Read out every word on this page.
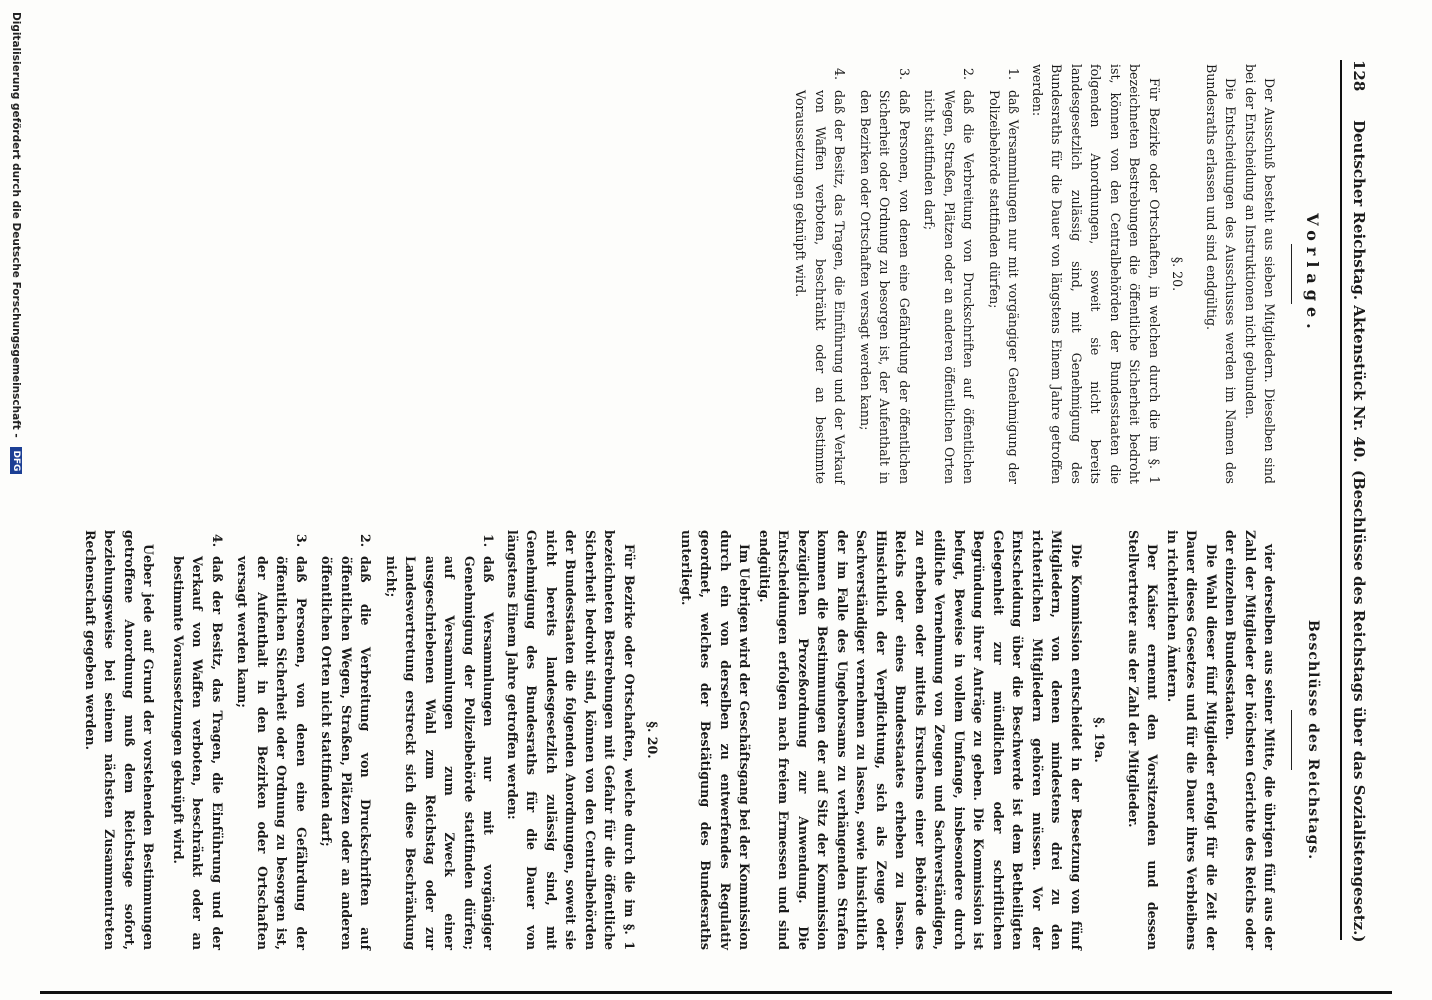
128
Deutscher Reichstag. Aktenstück Nr. 40.
(Beschlüsse des Reichstags über das Sozialistengesetz.)
Vorlage.

Der Ausschuß besteht aus sieben Mitgliedern. Dieselben sind bei der Entscheidung an Instruktionen nicht gebunden.

Die Entscheidungen des Ausschusses werden im Namen des Bundesraths erlassen und sind endgültig.

§. 20.

Für Bezirke oder Ortschaften, in welchen durch die im §. 1 bezeichneten Bestrebungen die öffentliche Sicherheit bedroht ist, können von den Centralbehörden der Bundesstaaten die folgenden Anordnungen, soweit sie nicht bereits landesgesetzlich zulässig sind, mit Genehmigung des Bundesraths für die Dauer von längstens Einem Jahre getroffen werden:

1.
daß Versammlungen nur mit vorgängiger Genehmigung der Polizeibehörde stattfinden dürfen;
2.
daß die Verbreitung von Druckschriften auf öffentlichen Wegen, Straßen, Plätzen oder an anderen öffentlichen Orten nicht stattfinden darf;
3.
daß Personen, von denen eine Gefährdung der öffentlichen Sicherheit oder Ordnung zu besorgen ist, der Aufenthalt in den Bezirken oder Ortschaften versagt werden kann;
4.
daß der Besitz, das Tragen, die Einführung und der Verkauf von Waffen verboten, beschränkt oder an bestimmte Voraussetzungen geknüpft wird.
Beschlüsse des Reichstags.

vier derselben aus seiner Mitte, die übrigen fünf aus der Zahl der Mitglieder der höchsten Gerichte des Reichs oder der einzelnen Bundesstaaten.

Die Wahl dieser fünf Mitglieder erfolgt für die Zeit der Dauer dieses Gesetzes und für die Dauer ihres Verbleibens in richterlichen Ämtern.

Der Kaiser ernennt den Vorsitzenden und dessen Stellvertreter aus der Zahl der Mitglieder.

§. 19a.

Die Kommission entscheidet in der Besetzung von fünf Mitgliedern, von denen mindestens drei zu den richterlichen Mitgliedern gehören müssen. Vor der Entscheidung über die Beschwerde ist dem Betheiligten Gelegenheit zur mündlichen oder schriftlichen Begründung ihrer Anträge zu geben. Die Kommission ist befugt, Beweise in vollem Umfange, insbesondere durch eidliche Vernehmung von Zeugen und Sachverständigen, zu erheben oder mittels Ersuchens einer Behörde des Reichs oder eines Bundesstaates erheben zu lassen. Hinsichtlich der Verpflichtung, sich als Zeuge oder Sachverständiger vernehmen zu lassen, sowie hinsichtlich der im Falle des Ungehorsams zu verhängenden Strafen kommen die Bestimmungen der auf Sitz der Kommission bezüglichen Prozeßordnung zur Anwendung. Die Entscheidungen erfolgen nach freiem Ermessen und sind endgültig.

Im Uebrigen wird der Geschäftsgang bei der Kommission durch ein von derselben zu entwerfendes Regulativ geordnet, welches der Bestätigung des Bundesraths unterliegt.

§. 20.

Für Bezirke oder Ortschaften, welche durch die im §. 1 bezeichneten Bestrebungen mit Gefahr für die öffentliche Sicherheit bedroht sind, können von den Centralbehörden der Bundesstaaten die folgenden Anordnungen, soweit sie nicht bereits landesgesetzlich zulässig sind, mit Genehmigung des Bundesraths für die Dauer von längstens Einem Jahre getroffen werden:

1.
daß Versammlungen nur mit vorgängiger Genehmigung der Polizeibehörde stattfinden dürfen; auf Versammlungen zum Zweck einer ausgeschriebenen Wahl zum Reichstag oder zur Landesvertretung erstreckt sich diese Beschränkung nicht;
2.
daß die Verbreitung von Druckschriften auf öffentlichen Wegen, Straßen, Plätzen oder an anderen öffentlichen Orten nicht stattfinden darf;
3.
daß Personen, von denen eine Gefährdung der öffentlichen Sicherheit oder Ordnung zu besorgen ist, der Aufenthalt in den Bezirken oder Ortschaften versagt werden kann;
4.
daß der Besitz, das Tragen, die Einführung und der Verkauf von Waffen verboten, beschränkt oder an bestimmte Voraussetzungen geknüpft wird.

Ueber jede auf Grund der vorstehenden Bestimmungen getroffene Anordnung muß dem Reichstage sofort, beziehungsweise bei seinem nächsten Zusammentreten Rechenschaft gegeben werden.

Digitalisierung gefördert durch die Deutsche Forschungsgemeinschaft - DFG
